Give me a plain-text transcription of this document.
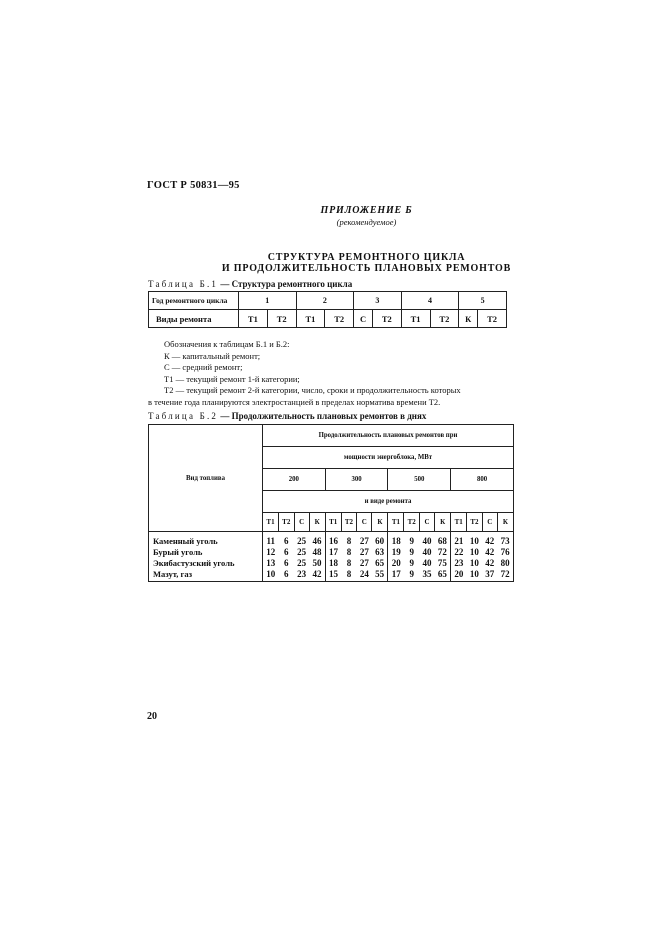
ГОСТ Р 50831—95
ПРИЛОЖЕНИЕ Б
(рекомендуемое)
СТРУКТУРА РЕМОНТНОГО ЦИКЛА
И ПРОДОЛЖИТЕЛЬНОСТЬ ПЛАНОВЫХ РЕМОНТОВ
Таблица Б.1 — Структура ремонтного цикла
Год ремонтного цикла	1		2		3		4		5	
Виды ремонта	Т1	Т2	Т1	Т2	С	Т2	Т1	Т2	К	Т2
Обозначения к таблицам Б.1 и Б.2:
К — капитальный ремонт;
С — средний ремонт;
Т1 — текущий ремонт 1-й категории;
Т2 — текущий ремонт 2-й категории, число, сроки и продолжительность которых
в течение года планируются электростанцией в пределах норматива времени Т2.
Таблица Б.2 — Продолжительность плановых ремонтов в днях
Вид топлива	Продолжительность плановых ремонтов при															
	мощности энергоблока, МВт															
	200				300				500				800			
	и виде ремонта															
	Т1	Т2	С	К	Т1	Т2	С	К	Т1	Т2	С	К	Т1	Т2	С	К
Каменный уголь	11	6	25	46	16	8	27	60	18	9	40	68	21	10	42	73
Бурый уголь	12	6	25	48	17	8	27	63	19	9	40	72	22	10	42	76
Экибастузский уголь	13	6	25	50	18	8	27	65	20	9	40	75	23	10	42	80
Мазут, газ	10	6	23	42	15	8	24	55	17	9	35	65	20	10	37	72
20
